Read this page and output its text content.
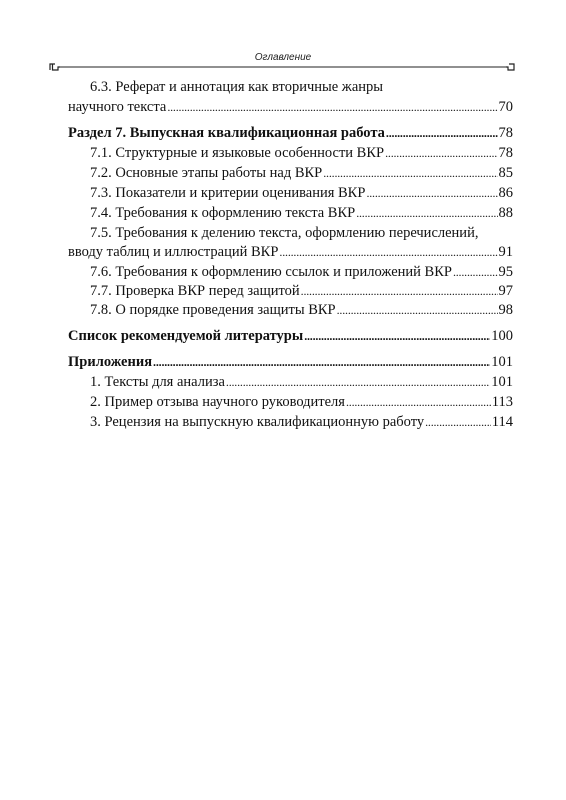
Оглавление
6.3. Реферат и аннотация как вторичные жанры
научного текста . . .	70
Раздел 7. Выпускная квалификационная работа . . .	78
7.1. Структурные и языковые особенности ВКР . . .	78
7.2. Основные этапы работы над ВКР . . .	85
7.3. Показатели и критерии оценивания ВКР . . .	86
7.4. Требования к оформлению текста ВКР . . .	88
7.5. Требования к делению текста, оформлению перечислений,
вводу таблиц и иллюстраций ВКР . . .	91
7.6. Требования к оформлению ссылок и приложений ВКР . . .	95
7.7. Проверка ВКР перед защитой . . .	97
7.8. О порядке проведения защиты ВКР . . .	98
Список рекомендуемой литературы . . .	100
Приложения . . .	101
1. Тексты для анализа . . .	101
2. Пример отзыва научного руководителя . . .	113
3. Рецензия на выпускную квалификационную работу . . .	114
